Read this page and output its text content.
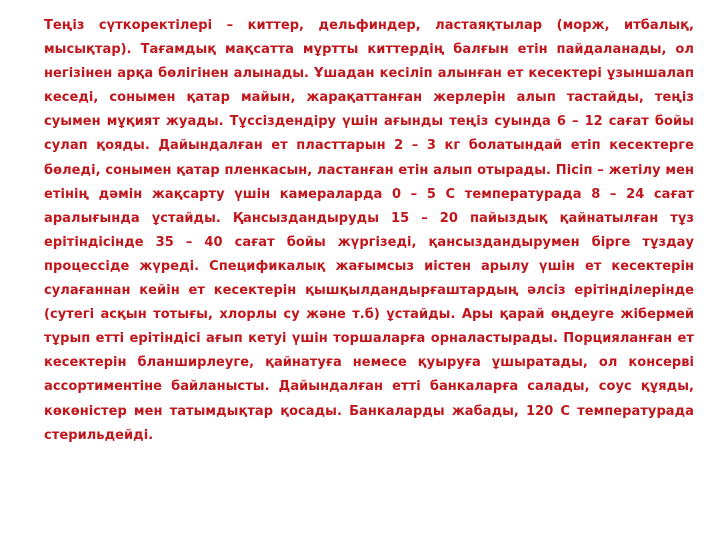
Теңіз сүткоректілері – киттер, дельфиндер, ластаяқтылар (морж, итбалық, мысықтар). Тағамдық мақсатта мұртты киттердің балғын етін пайдаланады, ол негізінен арқа бөлігінен алынады. Ұшадан кесіліп алынған ет кесектері ұзыншалап кеседі, сонымен қатар майын, жарақаттанған жерлерін алып тастайды, теңіз суымен мұқият жуады. Тұссіздендіру үшін ағынды теңіз суында 6 – 12 сағат бойы сулап қояды. Дайындалған ет пласттарын 2 – 3 кг болатындай етіп кесектерге бөледі, сонымен қатар пленкасын, ластанған етін алып отырады. Пісіп – жетілу мен етінің дәмін жақсарту үшін камераларда 0 – 5 С температурада 8 – 24 сағат аралығында ұстайды. Қансыздандыруды 15 – 20 пайыздық қайнатылған тұз ерітіндісінде 35 – 40 сағат бойы жүргізеді, қансыздандырумен бірге тұздау процессіде жүреді. Спецификалық жағымсыз иістен арылу үшін ет кесектерін сулағаннан кейін ет кесектерін қышқылдандырғаштардың әлсіз ерітінділерінде (сутегі асқын тотығы, хлорлы су және т.б) ұстайды. Ары қарай өңдеуге жібермей тұрып етті ерітіндісі ағып кетуі үшін торшаларға орналастырады. Порцияланған ет кесектерін бланширлеуге, қайнатуға немесе қуыруға ұшыратады, ол консерві ассортиментіне байланысты. Дайындалған етті банкаларға салады, соус құяды, көкөністер мен татымдықтар қосады. Банкаларды жабады, 120 С температурада стерильдейді.
